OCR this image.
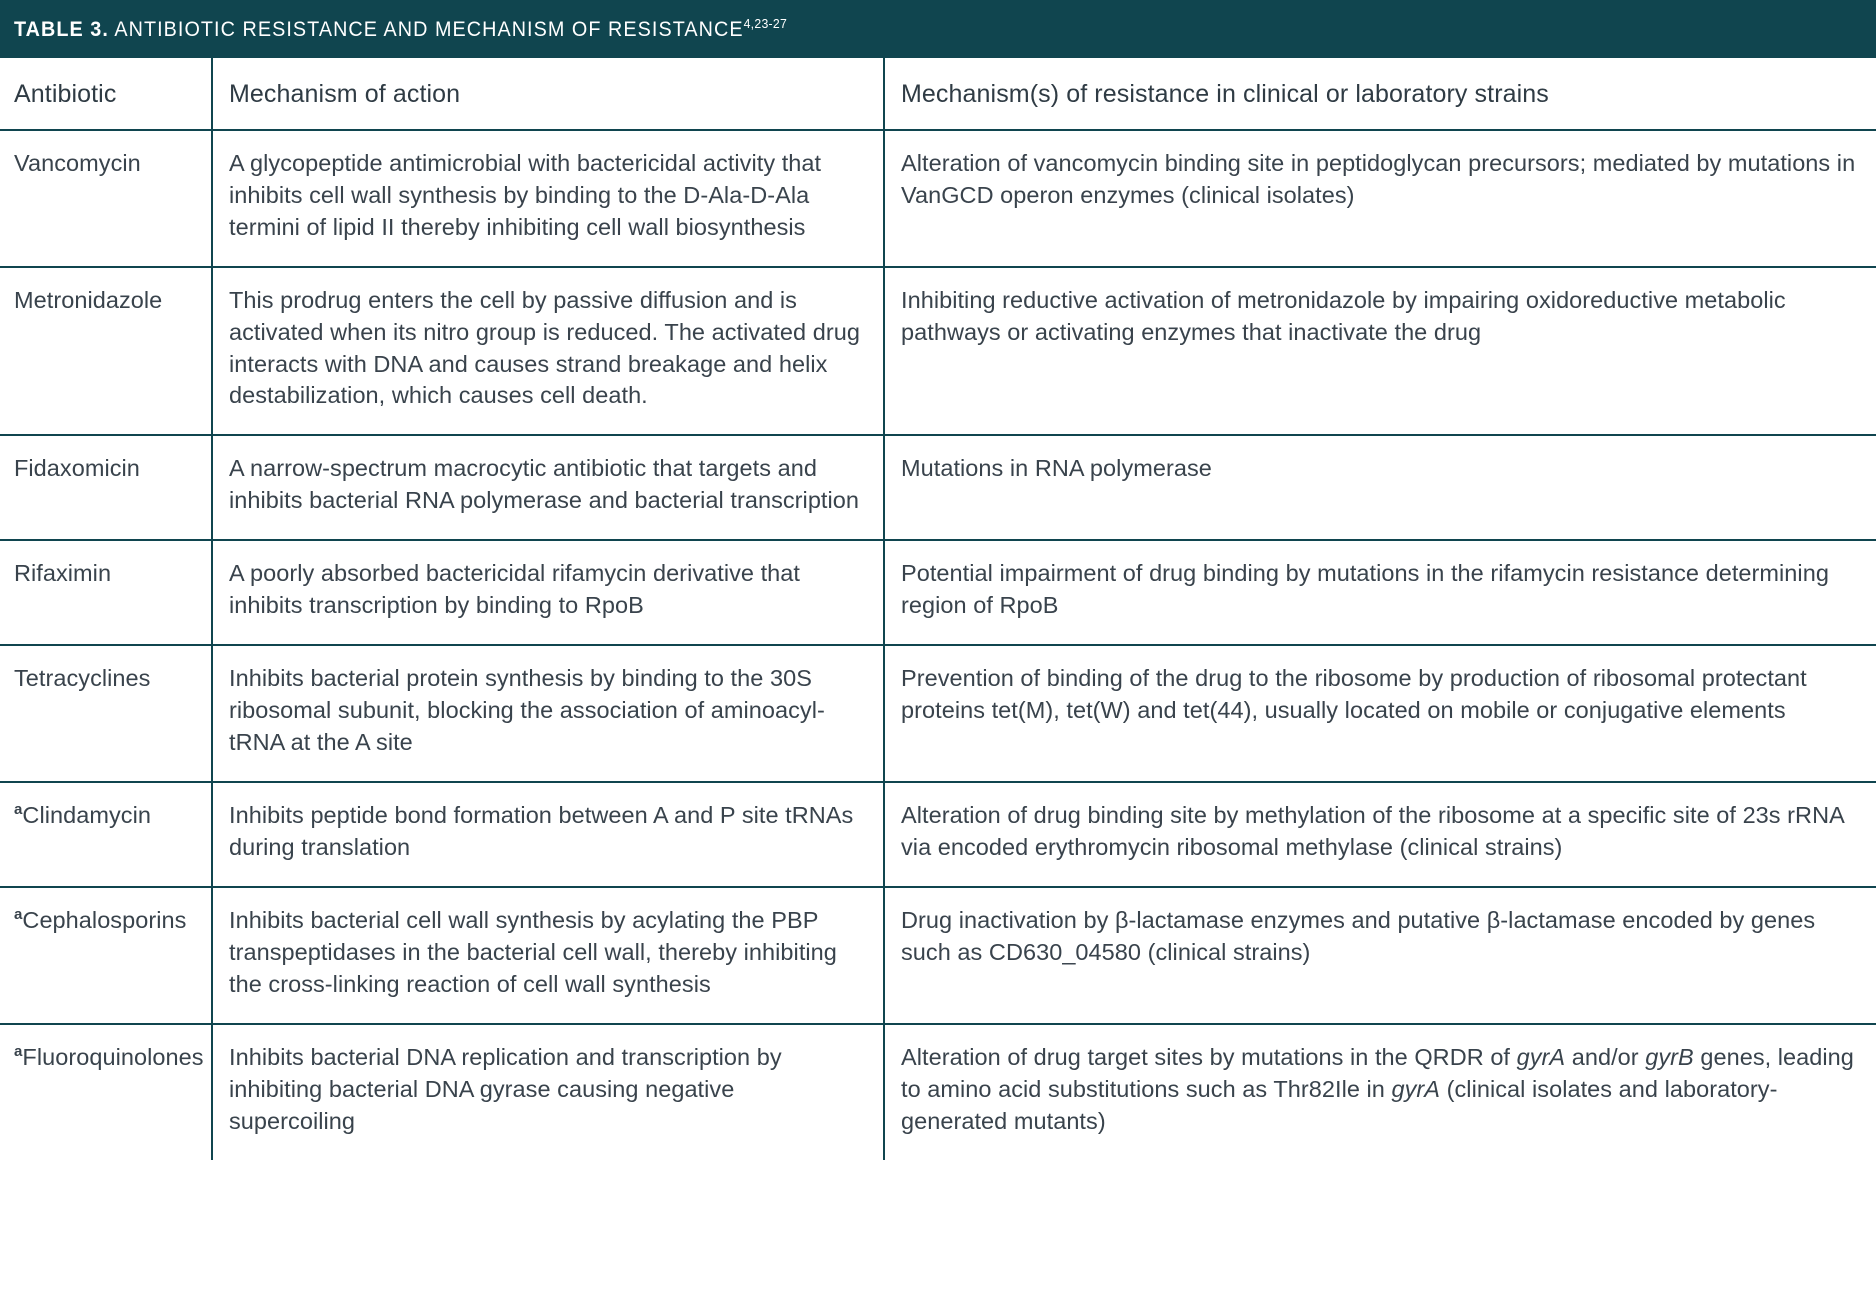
TABLE 3. ANTIBIOTIC RESISTANCE AND MECHANISM OF RESISTANCE$^{4,23-27}$
Antibiotic	Mechanism of action	Mechanism(s) of resistance in clinical or laboratory strains
Vancomycin	A glycopeptide antimicrobial with bactericidal activity that inhibits cell wall synthesis by binding to the D-Ala-D-Ala termini of lipid II thereby inhibiting cell wall biosynthesis	Alteration of vancomycin binding site in peptidoglycan precursors; mediated by mutations in VanGCD operon enzymes (clinical isolates)
Metronidazole	This prodrug enters the cell by passive diffusion and is activated when its nitro group is reduced. The activated drug interacts with DNA and causes strand breakage and helix destabilization, which causes cell death.	Inhibiting reductive activation of metronidazole by impairing oxidoreductive metabolic pathways or activating enzymes that inactivate the drug
Fidaxomicin	A narrow-spectrum macrocytic antibiotic that targets and inhibits bacterial RNA polymerase and bacterial transcription	Mutations in RNA polymerase
Rifaximin	A poorly absorbed bactericidal rifamycin derivative that inhibits transcription by binding to RpoB	Potential impairment of drug binding by mutations in the rifamycin resistance determining region of RpoB
Tetracyclines	Inhibits bacterial protein synthesis by binding to the 30S ribosomal subunit, blocking the association of aminoacyl-tRNA at the A site	Prevention of binding of the drug to the ribosome by production of ribosomal protectant proteins tet(M), tet(W) and tet(44), usually located on mobile or conjugative elements
$^a$Clindamycin	Inhibits peptide bond formation between A and P site tRNAs during translation	Alteration of drug binding site by methylation of the ribosome at a specific site of 23s rRNA via encoded erythromycin ribosomal methylase (clinical strains)
$^a$Cephalosporins	Inhibits bacterial cell wall synthesis by acylating the PBP transpeptidases in the bacterial cell wall, thereby inhibiting the cross-linking reaction of cell wall synthesis	Drug inactivation by β-lactamase enzymes and putative β-lactamase encoded by genes such as CD630_04580 (clinical strains)
$^a$Fluoroquinolones	Inhibits bacterial DNA replication and transcription by inhibiting bacterial DNA gyrase causing negative supercoiling	Alteration of drug target sites by mutations in the QRDR of gyrA and/or gyrB genes, leading to amino acid substitutions such as Thr82Ile in gyrA (clinical isolates and laboratory-generated mutants)
